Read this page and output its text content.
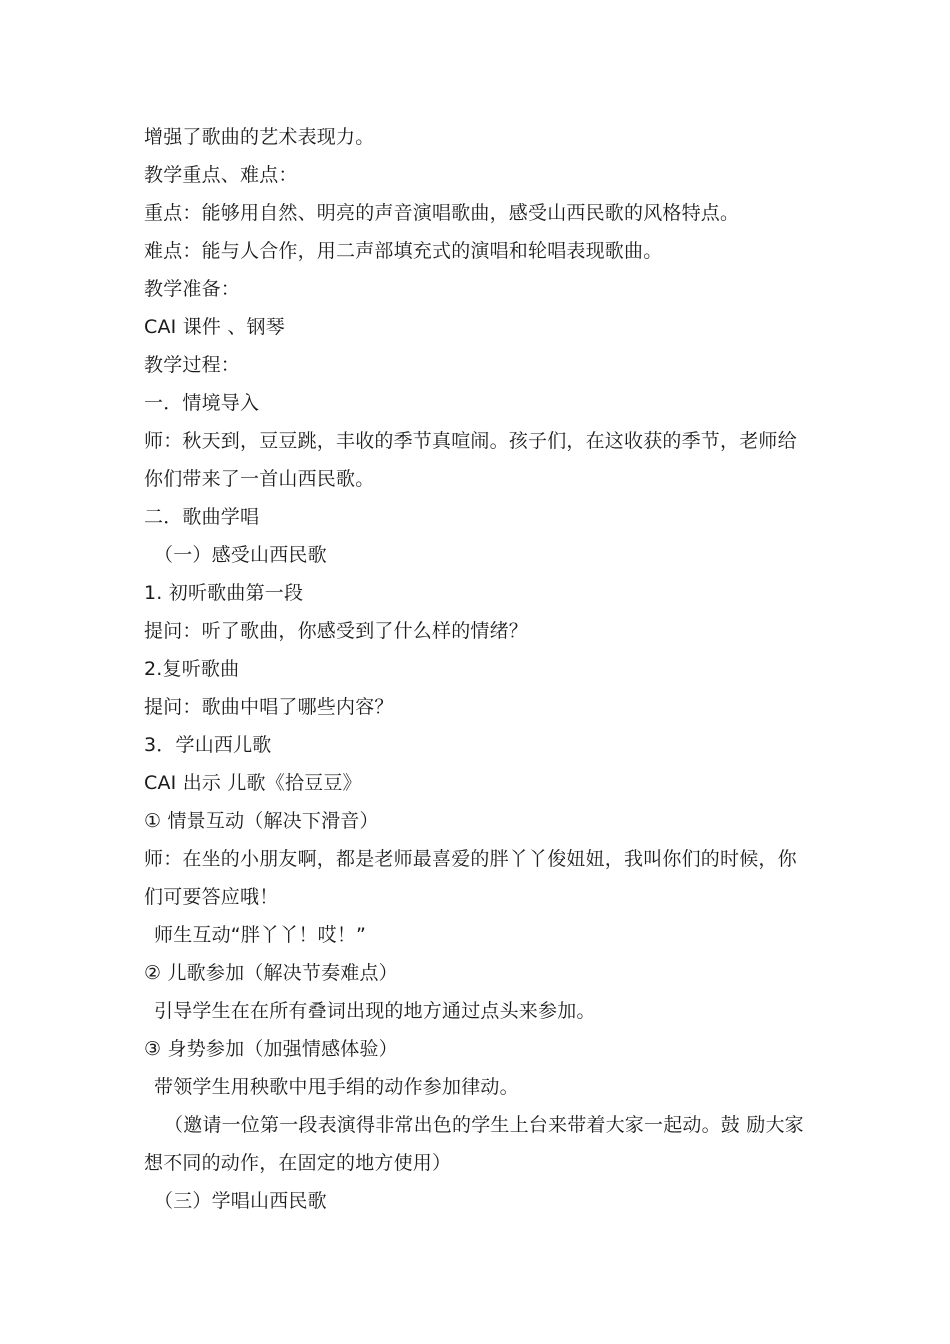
增强了歌曲的艺术表现力。
教学重点、难点：
重点：能够用自然、明亮的声音演唱歌曲，感受山西民歌的风格特点。
难点：能与人合作，用二声部填充式的演唱和轮唱表现歌曲。
教学准备：
CAI 课件 、钢琴
教学过程：
一．情境导入
师：秋天到，豆豆跳，丰收的季节真喧闹。孩子们，在这收获的季节，老师给
你们带来了一首山西民歌。
二．歌曲学唱
（一）感受山西民歌
1. 初听歌曲第一段
提问：听了歌曲，你感受到了什么样的情绪？
2.复听歌曲
提问：歌曲中唱了哪些内容？
3．学山西儿歌
CAI 出示 儿歌《拾豆豆》
① 情景互动（解决下滑音）
师：在坐的小朋友啊，都是老师最喜爱的胖丫丫俊妞妞，我叫你们的时候，你
们可要答应哦！
师生互动“胖丫丫！哎！”
② 儿歌参加（解决节奏难点）
引导学生在在所有叠词出现的地方通过点头来参加。
③ 身势参加（加强情感体验）
带领学生用秧歌中甩手绢的动作参加律动。
（邀请一位第一段表演得非常出色的学生上台来带着大家一起动。鼓 励大家
想不同的动作，在固定的地方使用）
（三）学唱山西民歌
